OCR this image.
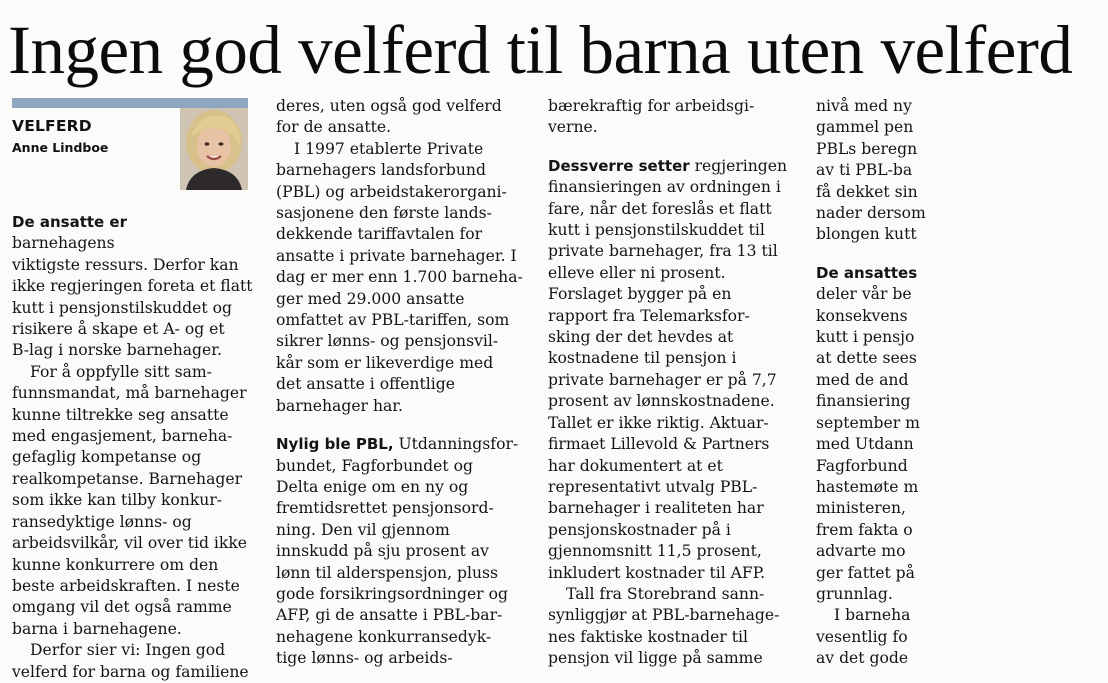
Ingen god velferd til barna uten velferd
VELFERD
Anne Lindboe

De ansatte er barnehagens
viktigste ressurs. Derfor kan
ikke regjeringen foreta et flatt
kutt i pensjonstilskuddet og
risikere å skape et A- og et
B-lag i norske barnehager.

For å oppfylle sitt sam-
funnsmandat, må barnehager
kunne tiltrekke seg ansatte
med engasjement, barneha-
gefaglig kompetanse og
realkompetanse. Barnehager
som ikke kan tilby konkur-
ransedyktige lønns- og
arbeidsvilkår, vil over tid ikke
kunne konkurrere om den
beste arbeidskraften. I neste
omgang vil det også ramme
barna i barnehagene.

Derfor sier vi: Ingen god
velferd for barna og familiene

deres, uten også god velferd
for de ansatte.

I 1997 etablerte Private
barnehagers landsforbund
(PBL) og arbeidstakerorgani-
sasjonene den første lands-
dekkende tariffavtalen for
ansatte i private barnehager. I
dag er mer enn 1.700 barneha-
ger med 29.000 ansatte
omfattet av PBL-tariffen, som
sikrer lønns- og pensjonsvil-
kår som er likeverdige med
det ansatte i offentlige
barnehager har.

Nylig ble PBL, Utdanningsfor-
bundet, Fagforbundet og
Delta enige om en ny og
fremtidsrettet pensjonsord-
ning. Den vil gjennom
innskudd på sju prosent av
lønn til alderspensjon, pluss
gode forsikringsordninger og
AFP, gi de ansatte i PBL-bar-
nehagene konkurransedyk-
tige lønns- og arbeids-

bærekraftig for arbeidsgi-
verne.

Dessverre setter regjeringen
finansieringen av ordningen i
fare, når det foreslås et flatt
kutt i pensjonstilskuddet til
private barnehager, fra 13 til
elleve eller ni prosent.
Forslaget bygger på en
rapport fra Telemarksfor-
sking der det hevdes at
kostnadene til pensjon i
private barnehager er på 7,7
prosent av lønnskostnadene.
Tallet er ikke riktig. Aktuar-
firmaet Lillevold & Partners
har dokumentert at et
representativt utvalg PBL-
barnehager i realiteten har
pensjonskostnader på i
gjennomsnitt 11,5 prosent,
inkludert kostnader til AFP.

Tall fra Storebrand sann-
synliggjør at PBL-barnehage-
nes faktiske kostnader til
pensjon vil ligge på samme

nivå med ny
gammel pen
PBLs beregn
av ti PBL-ba
få dekket sin
nader dersom
blongen kutt

De ansattes
deler vår be
konsekvens
kutt i pensjo
at dette sees
med de and
finansiering
september m
med Utdann
Fagforbund
hastemøte m
ministeren,
frem fakta o
advarte mo
ger fattet på
grunnlag.

I barneha
vesentlig fo
av det gode
